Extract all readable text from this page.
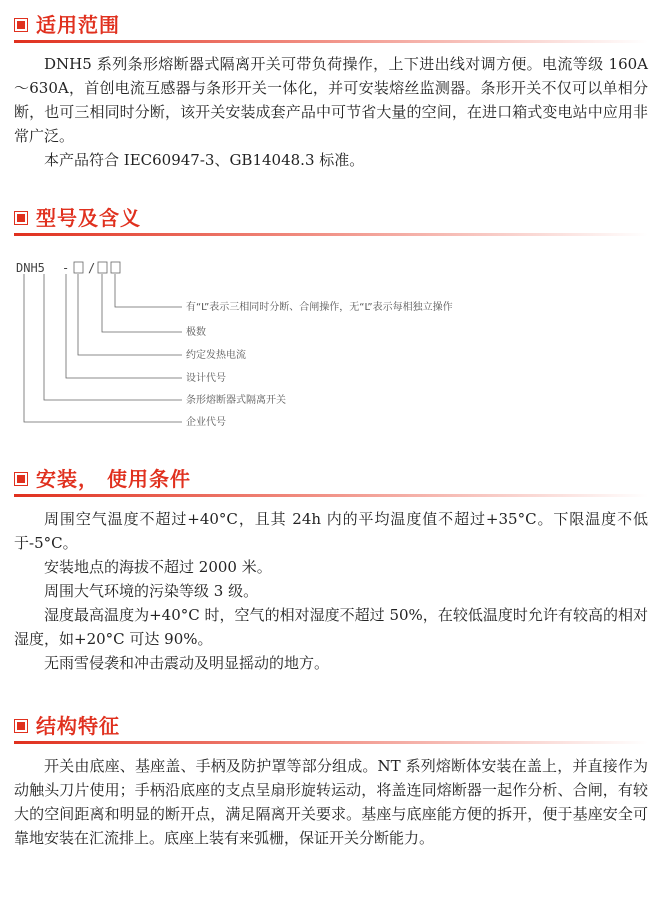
适用范围

DNH5 系列条形熔断器式隔离开关可带负荷操作，上下进出线对调方便。电流等级 160A～630A，首创电流互感器与条形开关一体化，并可安装熔丝监测器。条形开关不仅可以单相分断，也可三相同时分断，该开关安装成套产品中可节省大量的空间，在进口箱式变电站中应用非常广泛。

本产品符合 IEC60947-3、GB14048.3 标准。

型号及含义
DNH5 - /
有“L”表示三相同时分断、合闸操作，无“L”表示每相独立操作
极数
约定发热电流
设计代号
条形熔断器式隔离开关
企业代号
安装， 使用条件

周围空气温度不超过+40°C，且其 24h 内的平均温度值不超过+35°C。下限温度不低于-5°C。

安装地点的海拔不超过 2000 米。

周围大气环境的污染等级 3 级。

湿度最高温度为+40°C 时，空气的相对湿度不超过 50%，在较低温度时允许有较高的相对湿度，如+20°C 可达 90%。

无雨雪侵袭和冲击震动及明显摇动的地方。

结构特征

开关由底座、基座盖、手柄及防护罩等部分组成。NT 系列熔断体安装在盖上，并直接作为动触头刀片使用；手柄沿底座的支点呈扇形旋转运动，将盖连同熔断器一起作分析、合闸，有较大的空间距离和明显的断开点，满足隔离开关要求。基座与底座能方便的拆开，便于基座安全可靠地安装在汇流排上。底座上装有来弧栅，保证开关分断能力。
